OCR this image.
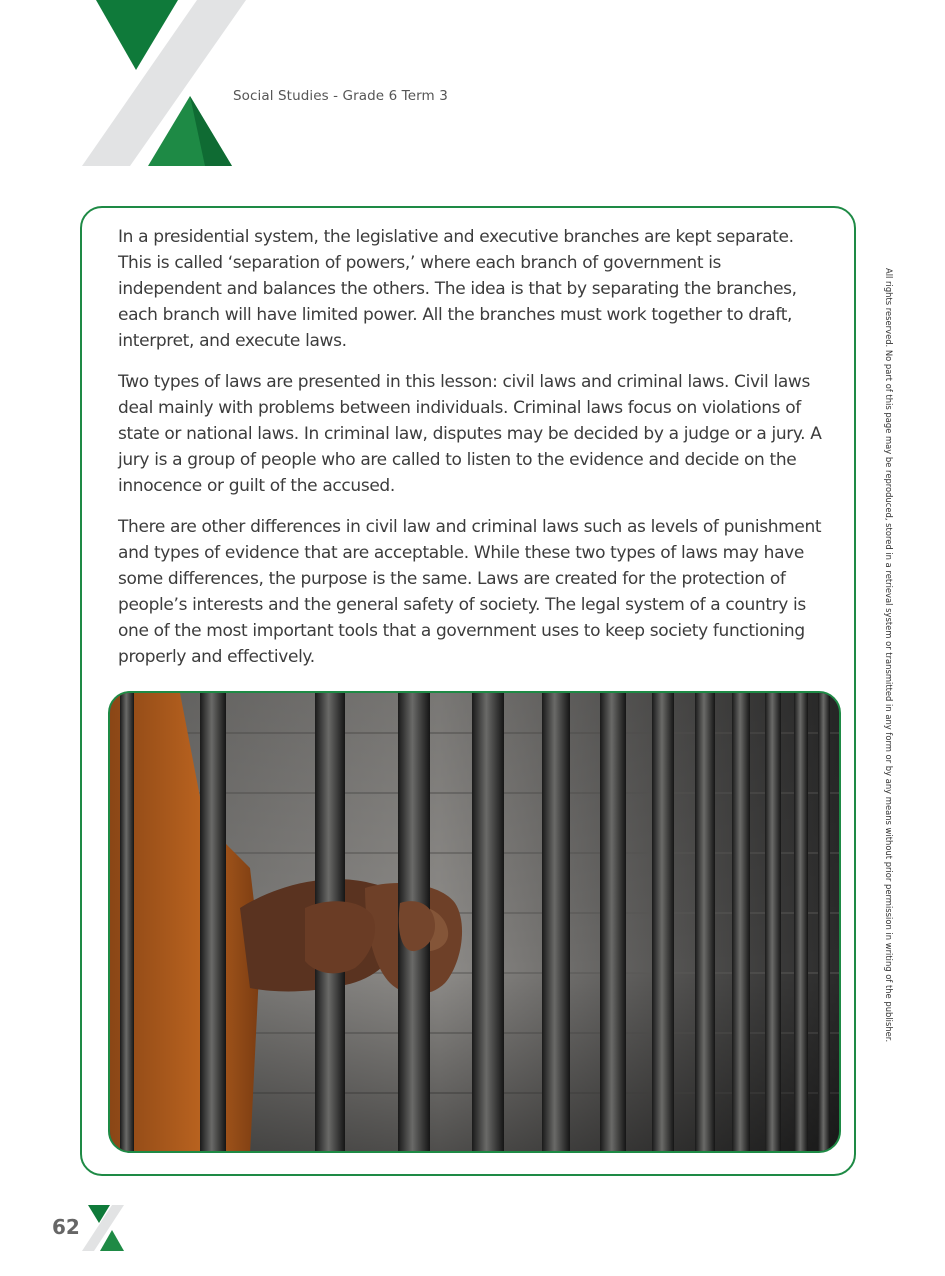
Social Studies - Grade 6 Term 3

In a presidential system, the legislative and executive branches are kept separate. This is called ‘separation of powers,’ where each branch of government is independent and balances the others. The idea is that by separating the branches, each branch will have limited power. All the branches must work together to draft, interpret, and execute laws.

Two types of laws are presented in this lesson: civil laws and criminal laws. Civil laws deal mainly with problems between individuals. Criminal laws focus on violations of state or national laws. In criminal law, disputes may be decided by a judge or a jury. A jury is a group of people who are called to listen to the evidence and decide on the innocence or guilt of the accused.

There are other differences in civil law and criminal laws such as levels of punishment and types of evidence that are acceptable. While these two types of laws may have some differences, the purpose is the same. Laws are created for the protection of people’s interests and the general safety of society. The legal system of a country is one of the most important tools that a government uses to keep society functioning properly and effectively.	All rights reserved. No part of this page may be reproduced, stored in a retrieval system or transmitted in any form or by any means without prior permission in writing of the publisher.
62
